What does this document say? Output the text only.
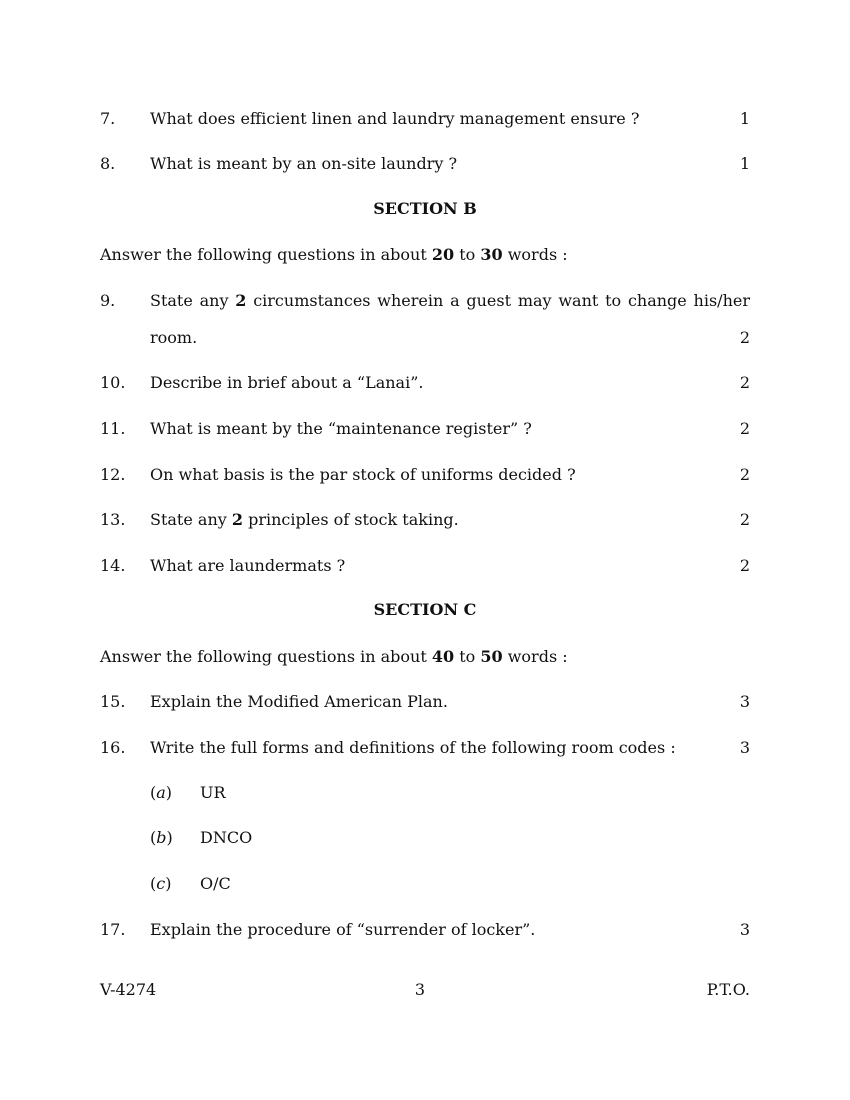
7. What does efficient linen and laundry management ensure ?	1
8. What is meant by an on-site laundry ?	1
SECTION B
Answer the following questions in about 20 to 30 words :
9. State any 2 circumstances wherein a guest may want to change his/her
room.	2
10. Describe in brief about a “Lanai”.	2
11. What is meant by the “maintenance register” ?	2
12. On what basis is the par stock of uniforms decided ?	2
13. State any 2 principles of stock taking.	2
14. What are laundermats ?	2
SECTION C
Answer the following questions in about 40 to 50 words :
15. Explain the Modified American Plan.	3
16. Write the full forms and definitions of the following room codes :	3
(a) UR
(b) DNCO
(c) O/C
17. Explain the procedure of “surrender of locker”.	3
V-4274	3	P.T.O.
